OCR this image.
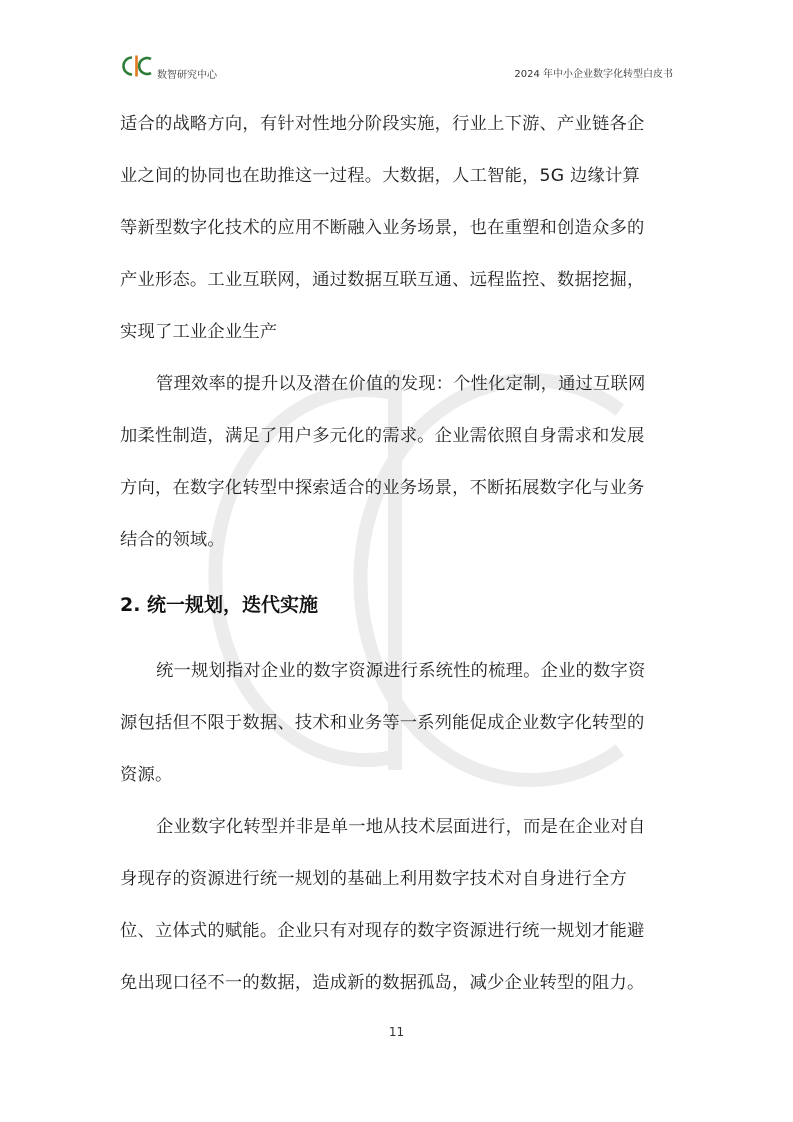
数智研究中心	2024 年中小企业数字化转型白皮书
适合的战略方向，有针对性地分阶段实施，行业上下游、产业链各企
业之间的协同也在助推这一过程。大数据，人工智能，5G 边缘计算
等新型数字化技术的应用不断融入业务场景，也在重塑和创造众多的
产业形态。工业互联网，通过数据互联互通、远程监控、数据挖掘，
实现了工业企业生产
管理效率的提升以及潜在价值的发现：个性化定制，通过互联网
加柔性制造，满足了用户多元化的需求。企业需依照自身需求和发展
方向，在数字化转型中探索适合的业务场景，不断拓展数字化与业务
结合的领域。
2. 统一规划，迭代实施
统一规划指对企业的数字资源进行系统性的梳理。企业的数字资
源包括但不限于数据、技术和业务等一系列能促成企业数字化转型的
资源。
企业数字化转型并非是单一地从技术层面进行，而是在企业对自
身现存的资源进行统一规划的基础上利用数字技术对自身进行全方
位、立体式的赋能。企业只有对现存的数字资源进行统一规划才能避
免出现口径不一的数据，造成新的数据孤岛，减少企业转型的阻力。
11
